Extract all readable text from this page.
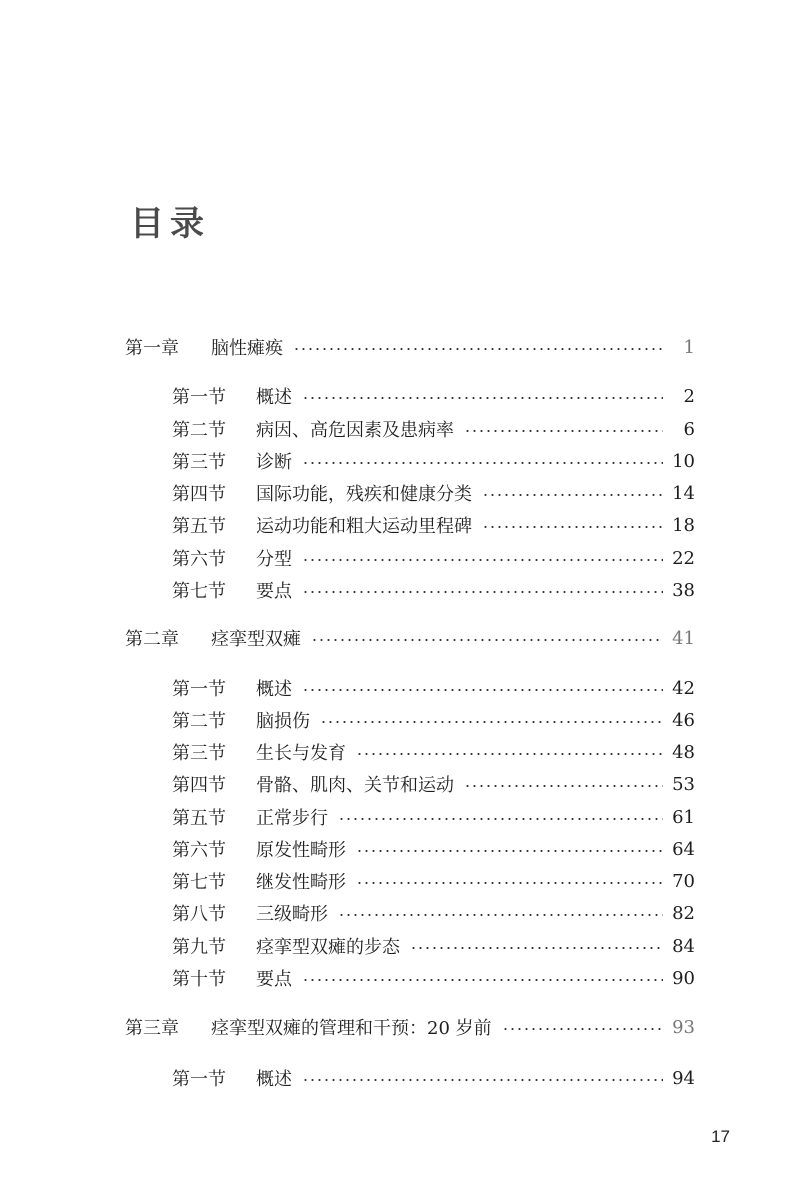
目录
第一章	脑性瘫痪	1
第一节	概述	2
第二节	病因、高危因素及患病率	6
第三节	诊断	10
第四节	国际功能，残疾和健康分类	14
第五节	运动功能和粗大运动里程碑	18
第六节	分型	22
第七节	要点	38
第二章	痉挛型双瘫	41
第一节	概述	42
第二节	脑损伤	46
第三节	生长与发育	48
第四节	骨骼、肌肉、关节和运动	53
第五节	正常步行	61
第六节	原发性畸形	64
第七节	继发性畸形	70
第八节	三级畸形	82
第九节	痉挛型双瘫的步态	84
第十节	要点	90
第三章	痉挛型双瘫的管理和干预：20 岁前	93
第一节	概述	94
17
